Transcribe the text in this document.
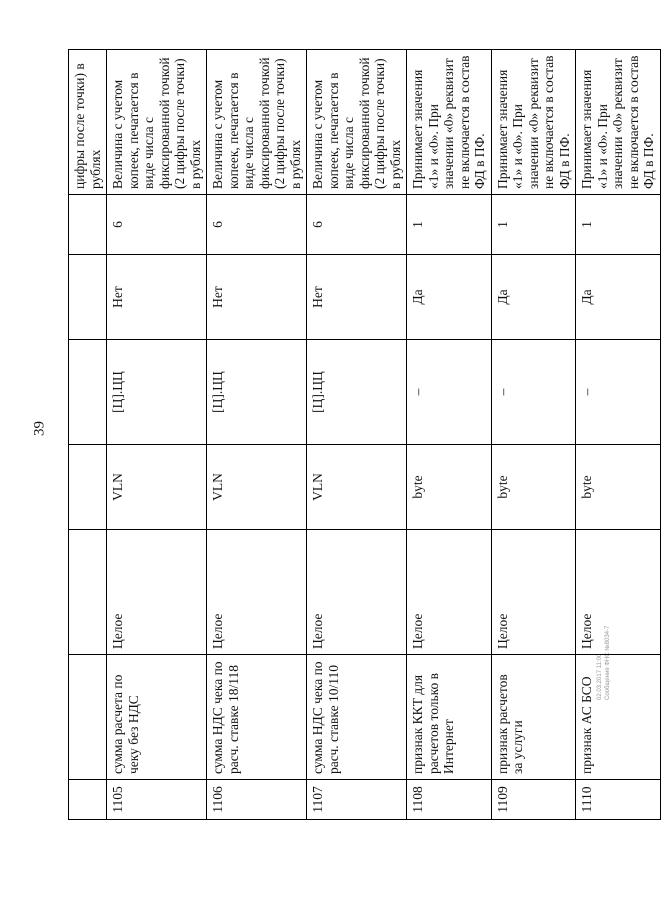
39
02.03.2017 11:00 Сообщение ФНС №8034-7
							цифры после точки) в рублях
1105	сумма расчета по чеку без НДС	Целое	VLN	[Ц].ЦЦ	Нет	6	Величина с учетом копеек, печатается в виде числа с фиксированной точкой (2 цифры после точки) в рублях
1106	сумма НДС чека по расч. ставке 18/118	Целое	VLN	[Ц].ЦЦ	Нет	6	Величина с учетом копеек, печатается в виде числа с фиксированной точкой (2 цифры после точки) в рублях
1107	сумма НДС чека по расч. ставке 10/110	Целое	VLN	[Ц].ЦЦ	Нет	6	Величина с учетом копеек, печатается в виде числа с фиксированной точкой (2 цифры после точки) в рублях
1108	признак ККТ для расчетов только в Интернет	Целое	byte	–	Да	1	Принимает значения «1» и «0». При значении «0» реквизит не включается в состав ФД в ПФ.
1109	признак расчетов за услуги	Целое	byte	–	Да	1	Принимает значения «1» и «0». При значении «0» реквизит не включается в состав ФД в ПФ.
1110	признак АС БСО	Целое	byte	–	Да	1	Принимает значения «1» и «0». При значении «0» реквизит не включается в состав ФД в ПФ.
